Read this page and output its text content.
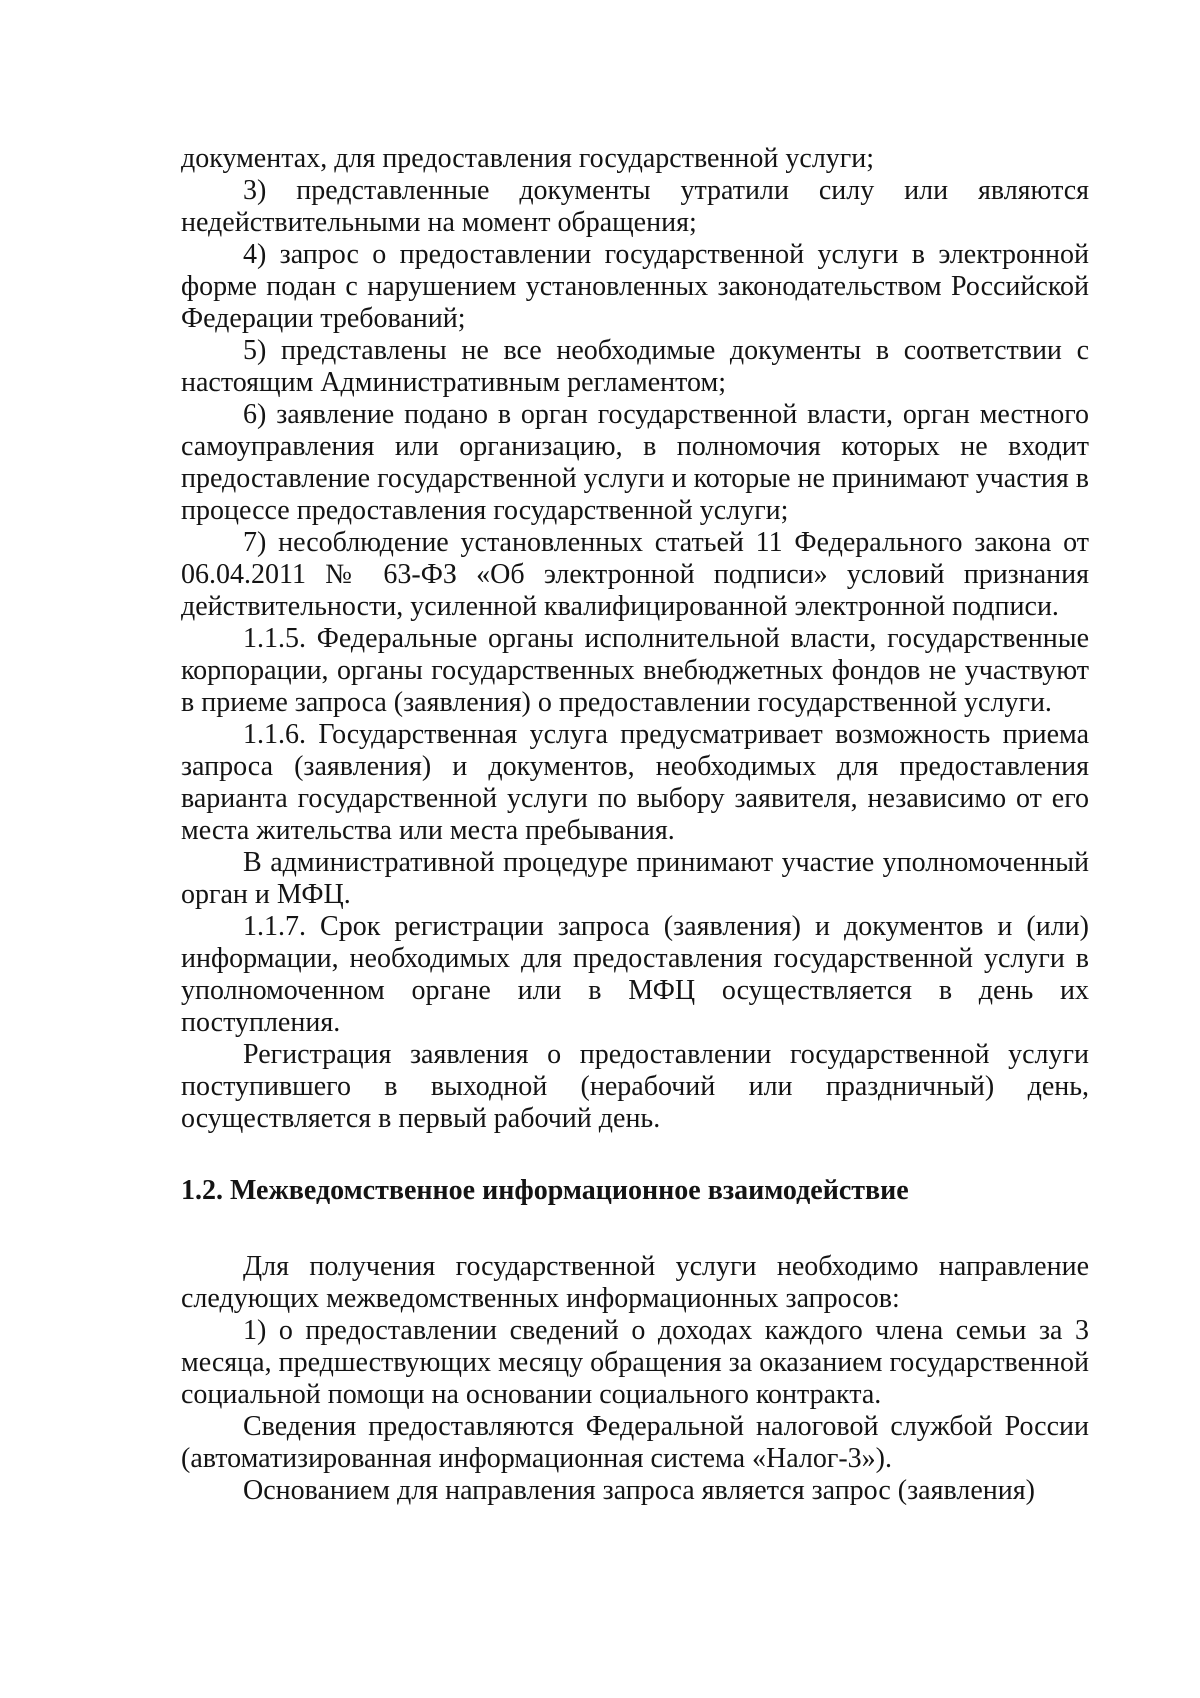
документах, для предоставления государственной услуги;

3) представленные документы утратили силу или являются недействительными на момент обращения;

4) запрос о предоставлении государственной услуги в электронной форме подан с нарушением установленных законодательством Российской Федерации требований;

5) представлены не все необходимые документы в соответствии с настоящим Административным регламентом;

6) заявление подано в орган государственной власти, орган местного самоуправления или организацию, в полномочия которых не входит предоставление государственной услуги и которые не принимают участия в процессе предоставления государственной услуги;

7) несоблюдение установленных статьей 11 Федерального закона от 06.04.2011 № 63-ФЗ «Об электронной подписи» условий признания действительности, усиленной квалифицированной электронной подписи.

1.1.5. Федеральные органы исполнительной власти, государственные корпорации, органы государственных внебюджетных фондов не участвуют в приеме запроса (заявления) о предоставлении государственной услуги.

1.1.6. Государственная услуга предусматривает возможность приема запроса (заявления) и документов, необходимых для предоставления варианта государственной услуги по выбору заявителя, независимо от его места жительства или места пребывания.

В административной процедуре принимают участие уполномоченный орган и МФЦ.

1.1.7. Срок регистрации запроса (заявления) и документов и (или) информации, необходимых для предоставления государственной услуги в уполномоченном органе или в МФЦ осуществляется в день их поступления.

Регистрация заявления о предоставлении государственной услуги поступившего в выходной (нерабочий или праздничный) день, осуществляется в первый рабочий день.

1.2. Межведомственное информационное взаимодействие

Для получения государственной услуги необходимо направление следующих межведомственных информационных запросов:

1) о предоставлении сведений о доходах каждого члена семьи за 3 месяца, предшествующих месяцу обращения за оказанием государственной социальной помощи на основании социального контракта.

Сведения предоставляются Федеральной налоговой службой России (автоматизированная информационная система «Налог-3»).

Основанием для направления запроса является запрос (заявления)
